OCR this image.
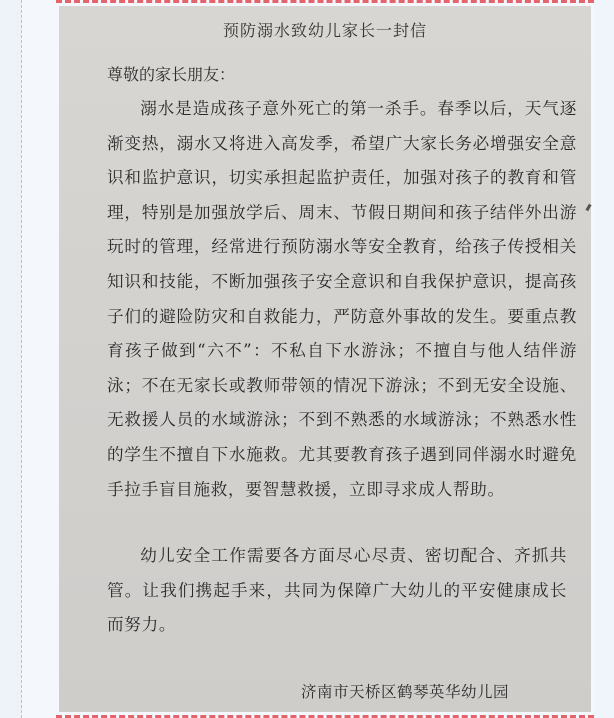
预防溺水致幼儿家长一封信
尊敬的家长朋友：

溺水是造成孩子意外死亡的第一杀手。春季以后，天气逐渐变热，溺水又将进入高发季，希望广大家长务必增强安全意识和监护意识，切实承担起监护责任，加强对孩子的教育和管理，特别是加强放学后、周末、节假日期间和孩子结伴外出游玩时的管理，经常进行预防溺水等安全教育，给孩子传授相关知识和技能，不断加强孩子安全意识和自我保护意识，提高孩子们的避险防灾和自救能力，严防意外事故的发生。要重点教育孩子做到“六不”：不私自下水游泳；不擅自与他人结伴游泳；不在无家长或教师带领的情况下游泳；不到无安全设施、无救援人员的水域游泳；不到不熟悉的水域游泳；不熟悉水性的学生不擅自下水施救。尤其要教育孩子遇到同伴溺水时避免手拉手盲目施救，要智慧救援，立即寻求成人帮助。

幼儿安全工作需要各方面尽心尽责、密切配合、齐抓共管。让我们携起手来，共同为保障广大幼儿的平安健康成长而努力。

济南市天桥区鹤琴英华幼儿园
